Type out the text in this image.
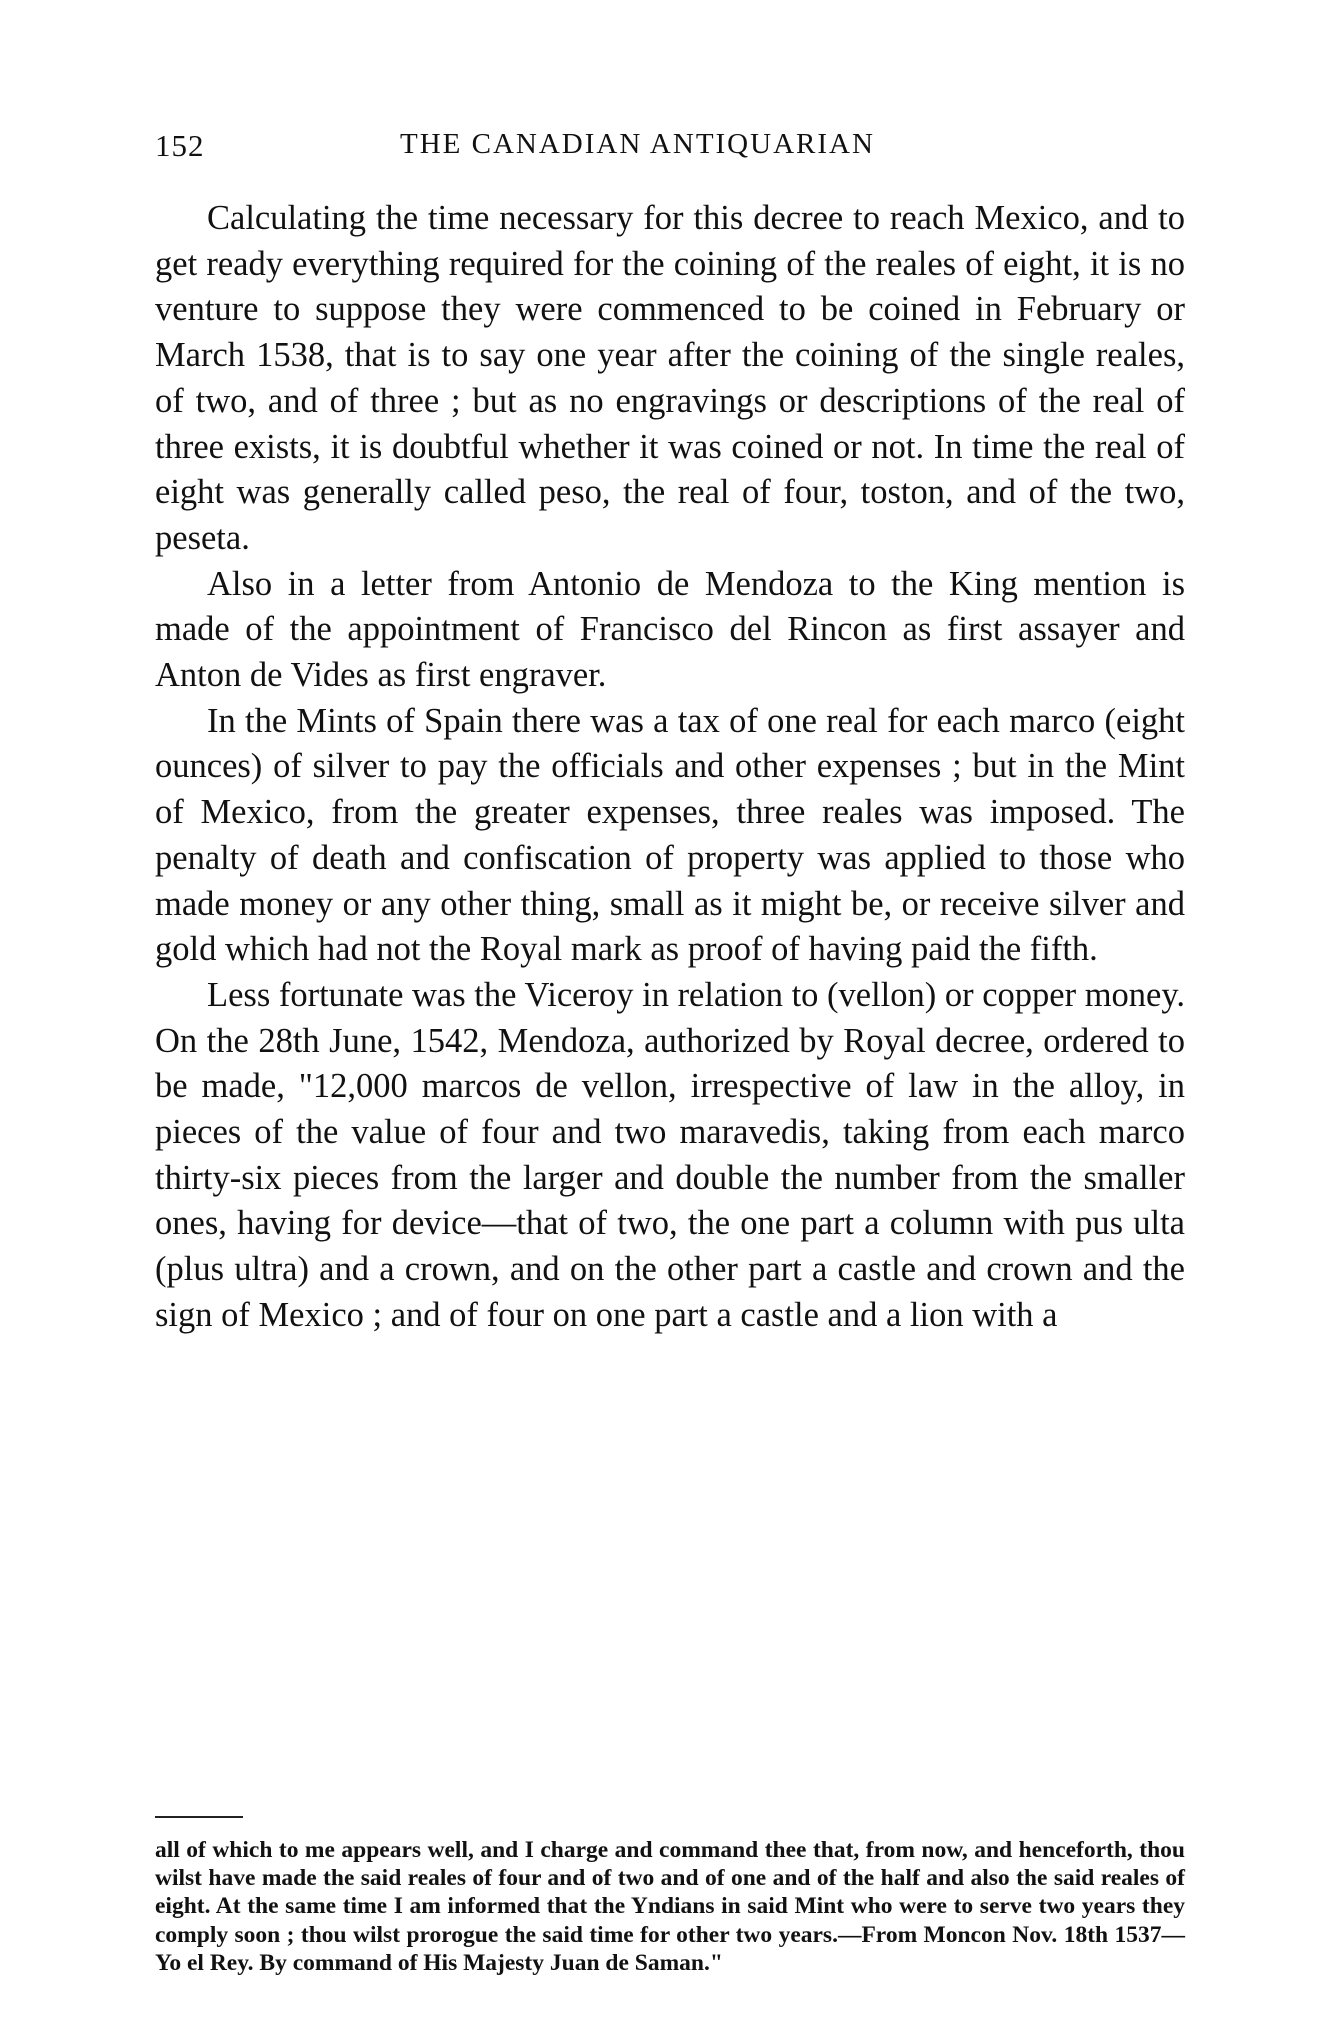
152	THE CANADIAN ANTIQUARIAN

Calculating the time necessary for this decree to reach Mexico, and to get ready everything required for the coining of the reales of eight, it is no venture to suppose they were commenced to be coined in February or March 1538, that is to say one year after the coining of the single reales, of two, and of three ; but as no engravings or descriptions of the real of three exists, it is doubtful whether it was coined or not. In time the real of eight was generally called peso, the real of four, toston, and of the two, peseta.

Also in a letter from Antonio de Mendoza to the King mention is made of the appointment of Francisco del Rincon as first assayer and Anton de Vides as first engraver.

In the Mints of Spain there was a tax of one real for each marco (eight ounces) of silver to pay the officials and other expenses ; but in the Mint of Mexico, from the greater expenses, three reales was imposed. The penalty of death and confiscation of property was applied to those who made money or any other thing, small as it might be, or receive silver and gold which had not the Royal mark as proof of having paid the fifth.

Less fortunate was the Viceroy in relation to (vellon) or copper money. On the 28th June, 1542, Mendoza, authorized by Royal decree, ordered to be made, "12,000 marcos de vellon, irrespective of law in the alloy, in pieces of the value of four and two maravedis, taking from each marco thirty-six pieces from the larger and double the number from the smaller ones, having for device—that of two, the one part a column with pus ulta (plus ultra) and a crown, and on the other part a castle and crown and the sign of Mexico ; and of four on one part a castle and a lion with a

all of which to me appears well, and I charge and command thee that, from now, and henceforth, thou wilst have made the said reales of four and of two and of one and of the half and also the said reales of eight. At the same time I am informed that the Yndians in said Mint who were to serve two years they comply soon ; thou wilst prorogue the said time for other two years.—From Moncon Nov. 18th 1537—Yo el Rey. By command of His Majesty Juan de Saman."
